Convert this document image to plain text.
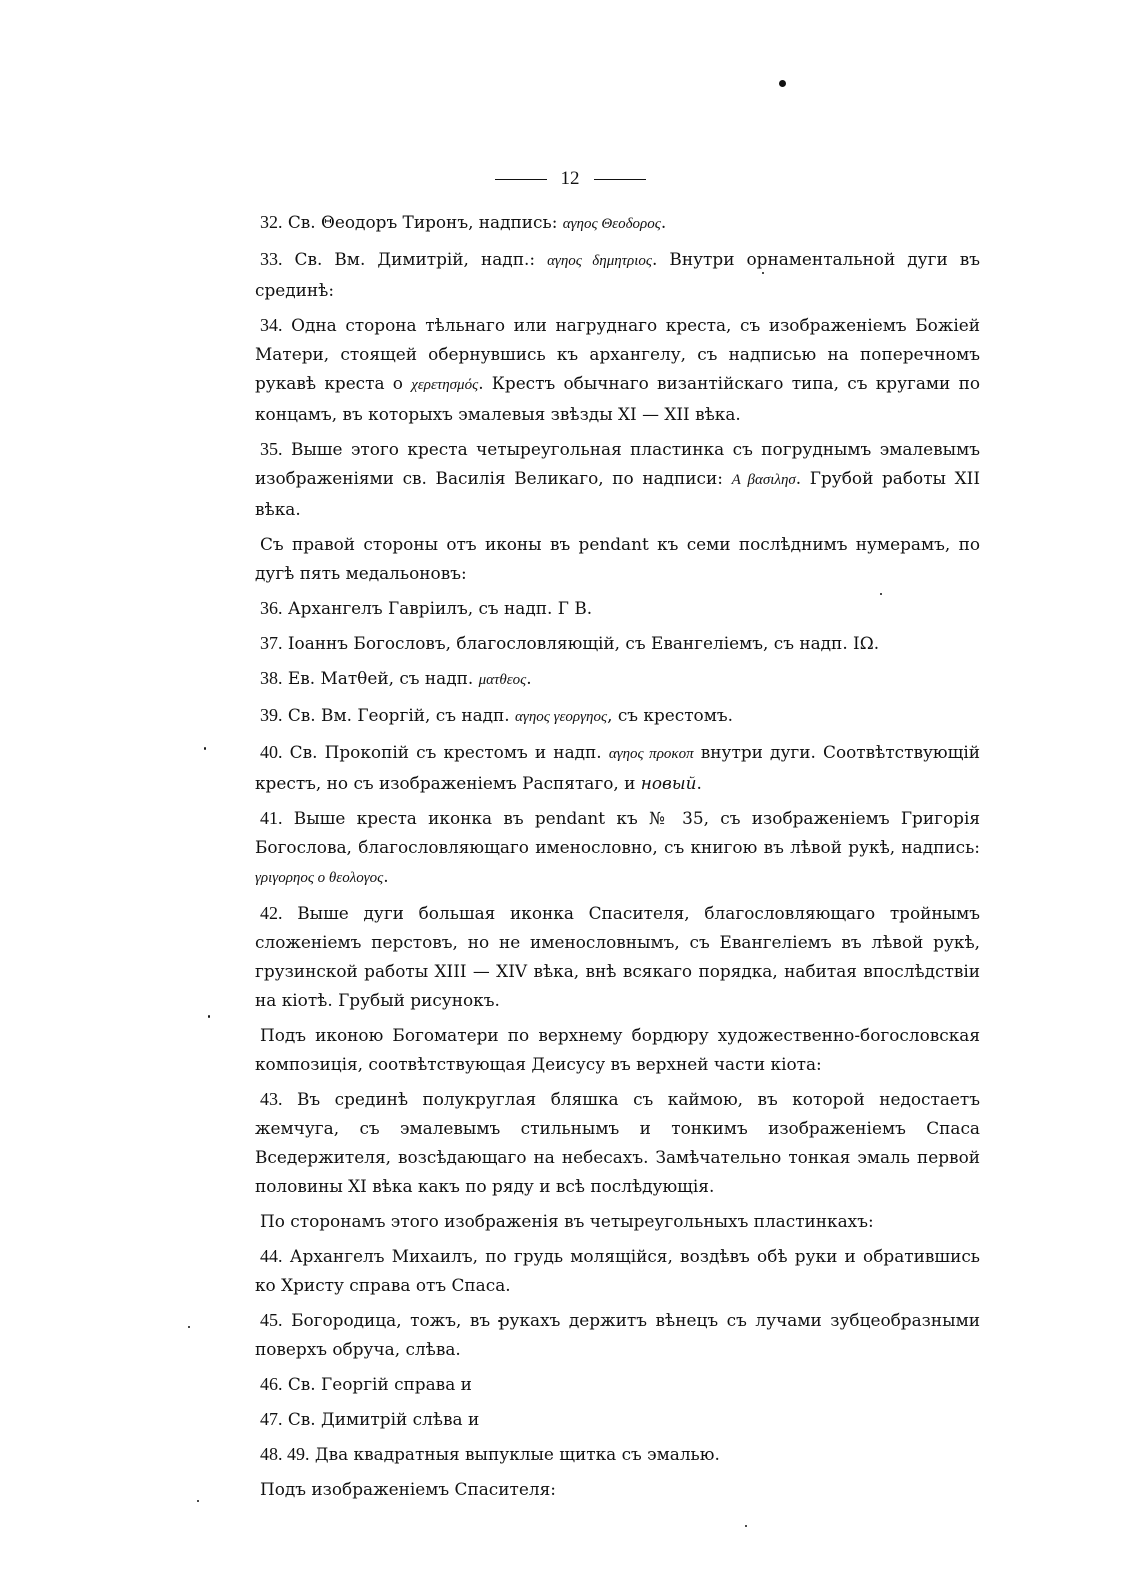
12

32. Св. Θеодоръ Тиронъ, надпись: αγηος Θεοδορος.

33. Св. Вм. Димитрій, надп.: αγηος δημητριος. Внутри орнаментальной дуги въ срединѣ:

34. Одна сторона тѣльнаго или нагруднаго креста, съ изображеніемъ Божіей Матери, стоящей обернувшись къ архангелу, съ надписью на поперечномъ рукавѣ креста о χερετησμός. Крестъ обычнаго византійскаго типа, съ кругами по концамъ, въ которыхъ эмалевыя звѣзды XI — XII вѣка.

35. Выше этого креста четыреугольная пластинка съ погруднымъ эмалевымъ изображеніями св. Василія Великаго, по надписи: Α βασιλησ. Грубой работы XII вѣка.

Съ правой стороны отъ иконы въ pendant къ семи послѣднимъ нумерамъ, по дугѣ пять медальоновъ:

36. Архангелъ Гавріилъ, съ надп. Г В.

37. Іоаннъ Богословъ, благословляющій, съ Евангеліемъ, съ надп. ΙΩ.

38. Ев. Матθей, съ надп. ματθεος.

39. Св. Вм. Георгій, съ надп. αγηος γεοργηος, съ крестомъ.

40. Св. Прокопій съ крестомъ и надп. αγηος προκοπ внутри дуги. Соотвѣтствующій крестъ, но съ изображеніемъ Распятаго, и новый.

41. Выше креста иконка въ pendant къ № 35, съ изображеніемъ Григорія Богослова, благословляющаго именословно, съ книгою въ лѣвой рукѣ, надпись: γριγορηος ο θεολογος.

42. Выше дуги большая иконка Спасителя, благословляющаго тройнымъ сложеніемъ перстовъ, но не именословнымъ, съ Евангеліемъ въ лѣвой рукѣ, грузинской работы XIII — XIV вѣка, внѣ всякаго порядка, набитая впослѣдствіи на кіотѣ. Грубый рисунокъ.

Подъ иконою Богоматери по верхнему бордюру художественно-богословская композиція, соотвѣтствующая Деисусу въ верхней части кіота:

43. Въ срединѣ полукруглая бляшка съ каймою, въ которой недостаетъ жемчуга, съ эмалевымъ стильнымъ и тонкимъ изображеніемъ Спаса Вседержителя, возсѣдающаго на небесахъ. Замѣчательно тонкая эмаль первой половины XI вѣка какъ по ряду и всѣ послѣдующія.

По сторонамъ этого изображенія въ четыреугольныхъ пластинкахъ:

44. Архангелъ Михаилъ, по грудь молящійся, воздѣвъ обѣ руки и обратившись ко Христу справа отъ Спаса.

45. Богородица, тожъ, въ рукахъ держитъ вѣнецъ съ лучами зубцеобразными поверхъ обруча, слѣва.

46. Св. Георгій справа и

47. Св. Димитрій слѣва и

48. 49. Два квадратныя выпуклые щитка съ эмалью.

Подъ изображеніемъ Спасителя:
